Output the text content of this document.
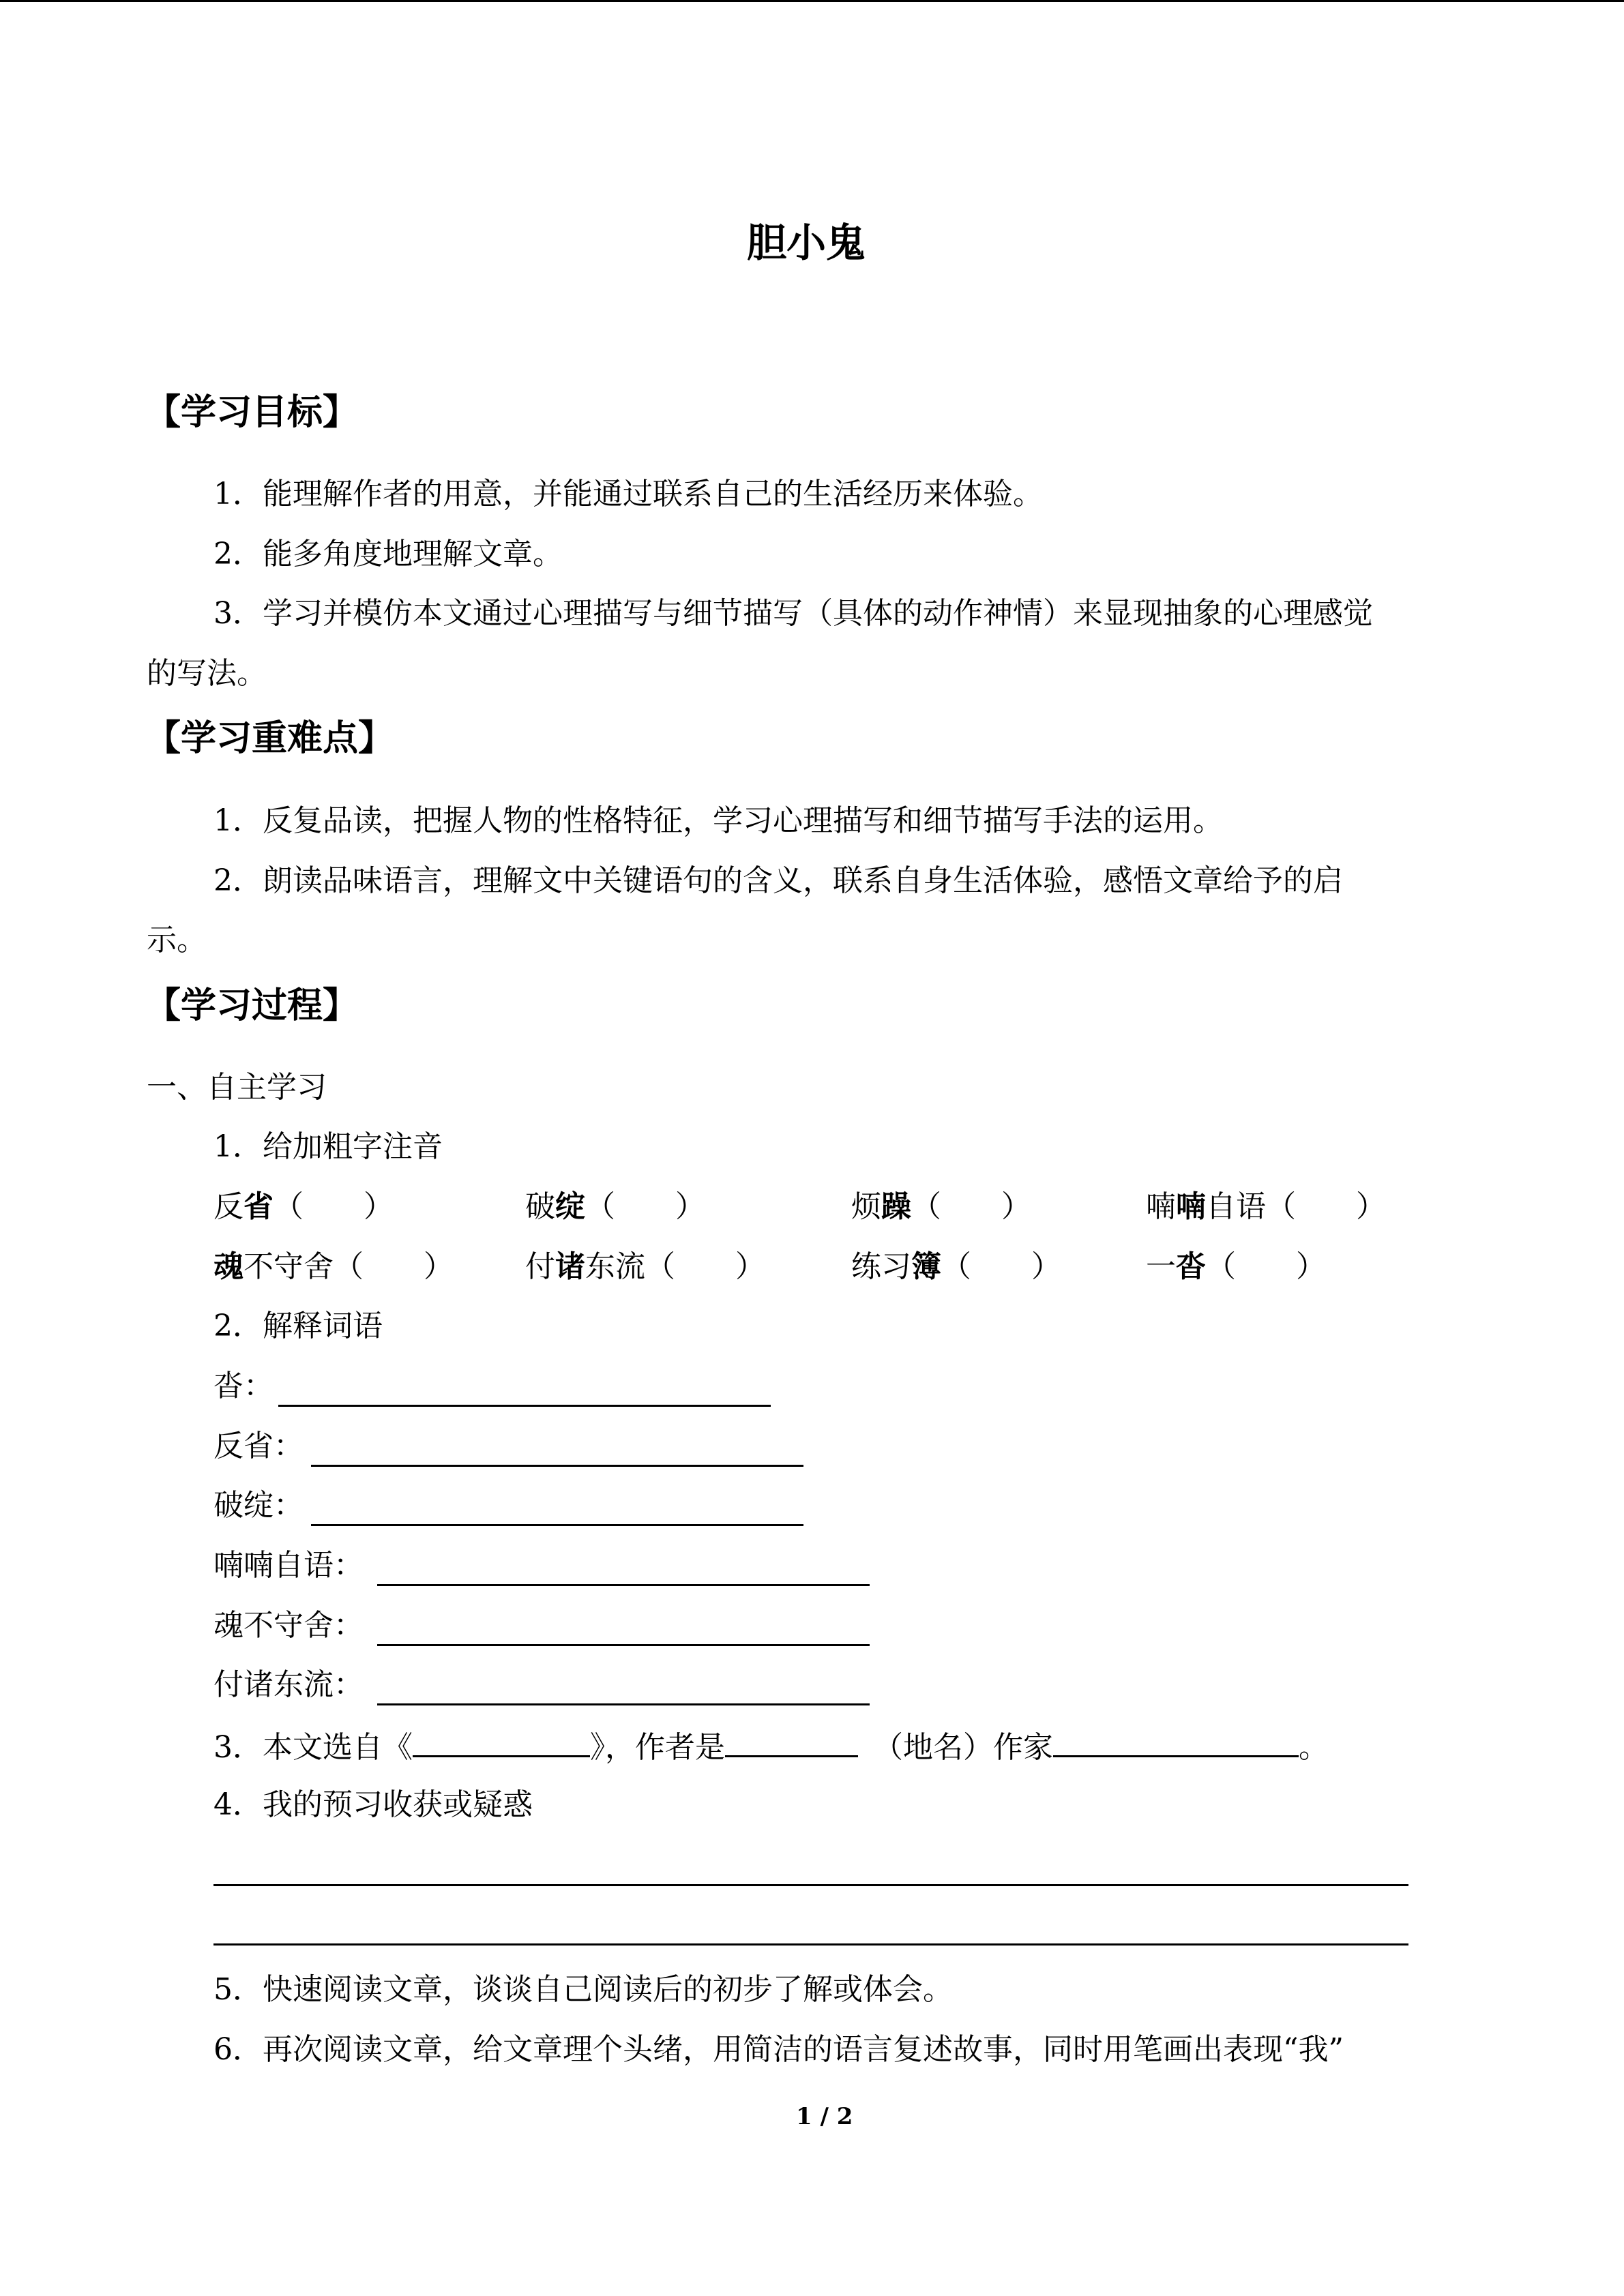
胆小鬼
【学习目标】
1．能理解作者的用意，并能通过联系自己的生活经历来体验。
2．能多角度地理解文章。
3．学习并模仿本文通过心理描写与细节描写（具体的动作神情）来显现抽象的心理感觉
的写法。
【学习重难点】
1．反复品读，把握人物的性格特征，学习心理描写和细节描写手法的运用。
2．朗读品味语言，理解文中关键语句的含义，联系自身生活体验，感悟文章给予的启
示。
【学习过程】
一、自主学习
1．给加粗字注音
反省（　　）	破绽（　　）	烦躁（　　）	喃喃自语（　　）
魂不守舍（　　） 付诸东流（　　）	练习簿（　　）	一沓（　　）
2．解释词语
沓：
反省：
破绽：
喃喃自语：
魂不守舍：
付诸东流：
3．本文选自《	》，作者是　	（地名）作家	。
4．我的预习收获或疑惑
5．快速阅读文章，谈谈自己阅读后的初步了解或体会。
6．再次阅读文章，给文章理个头绪，用简洁的语言复述故事，同时用笔画出表现“我”
1 / 2
